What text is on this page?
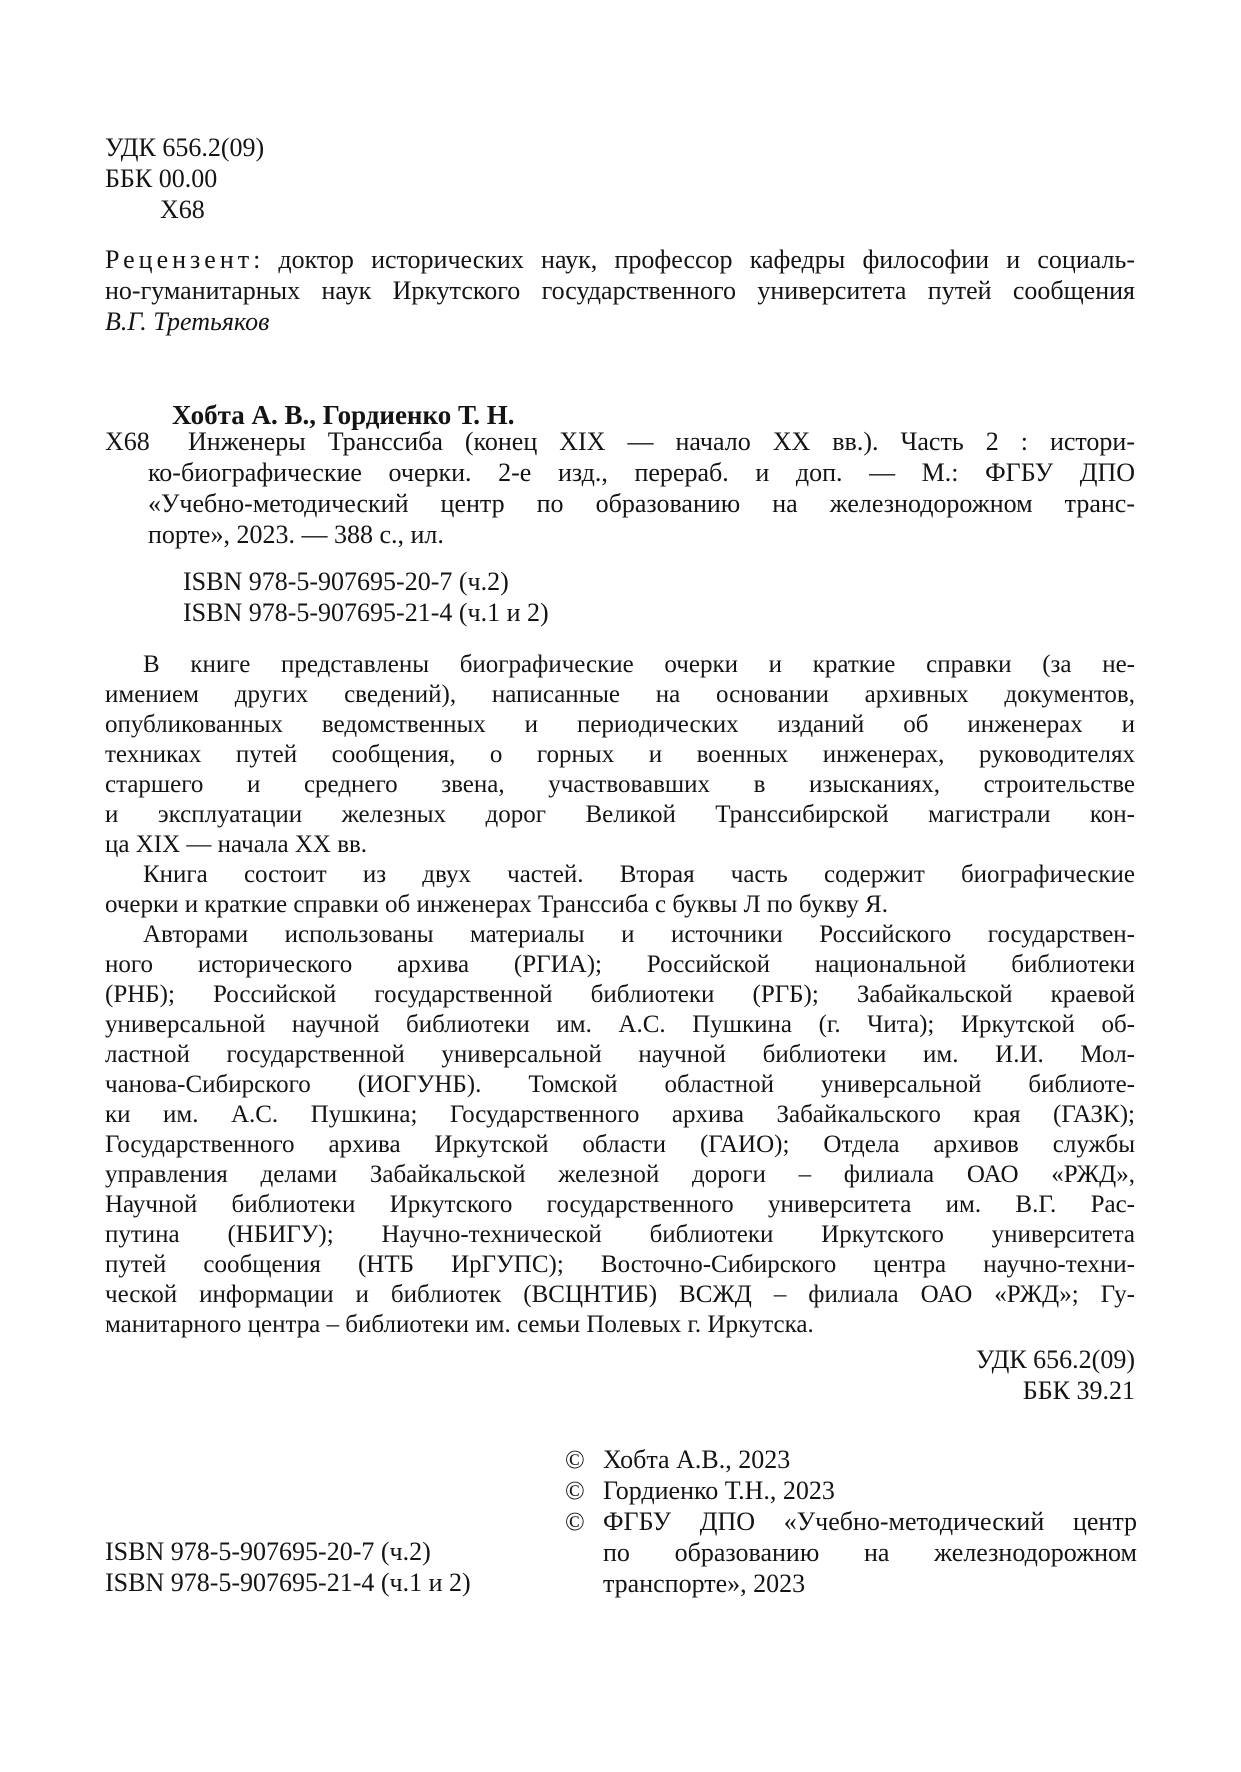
УДК 656.2(09)
ББК 00.00
Х68
Рецензент: доктор исторических наук, профессор кафедры философии и социаль-
но-гуманитарных наук Иркутского государственного университета путей сообщения
В.Г. Третьяков
Хобта А. В., Гордиенко Т. Н.
Х68	Инженеры Транссиба (конец XIX — начало XX вв.). Часть 2 : истори-
ко-биографические очерки. 2-е изд., перераб. и доп. — М.: ФГБУ ДПО
«Учебно-методический центр по образованию на железнодорожном транс-
порте», 2023. — 388 с., ил.
ISBN 978-5-907695-20-7 (ч.2)
ISBN 978-5-907695-21-4 (ч.1 и 2)
В книге представлены биографические очерки и краткие справки (за не-
имением других сведений), написанные на основании архивных документов,
опубликованных ведомственных и периодических изданий об инженерах и
техниках путей сообщения, о горных и военных инженерах, руководителях
старшего и среднего звена, участвовавших в изысканиях, строительстве
и эксплуатации железных дорог Великой Транссибирской магистрали кон-
ца XIX — начала XX вв.
Книга состоит из двух частей. Вторая часть содержит биографические
очерки и краткие справки об инженерах Транссиба с буквы Л по букву Я.
Авторами использованы материалы и источники Российского государствен-
ного исторического архива (РГИА); Российской национальной библиотеки
(РНБ); Российской государственной библиотеки (РГБ); Забайкальской краевой
универсальной научной библиотеки им. А.С. Пушкина (г. Чита); Иркутской об-
ластной государственной универсальной научной библиотеки им. И.И. Мол-
чанова-Сибирского (ИОГУНБ). Томской областной универсальной библиоте-
ки им. А.С. Пушкина; Государственного архива Забайкальского края (ГАЗК);
Государственного архива Иркутской области (ГАИО); Отдела архивов службы
управления делами Забайкальской железной дороги – филиала ОАО «РЖД»,
Научной библиотеки Иркутского государственного университета им. В.Г. Рас-
путина (НБИГУ); Научно-технической библиотеки Иркутского университета
путей сообщения (НТБ ИрГУПС); Восточно-Сибирского центра научно-техни-
ческой информации и библиотек (ВСЦНТИБ) ВСЖД – филиала ОАО «РЖД»; Гу-
манитарного центра – библиотеки им. семьи Полевых г. Иркутска.
УДК 656.2(09)
ББК 39.21
© Хобта А.В., 2023
© Гордиенко Т.Н., 2023
© ФГБУ ДПО «Учебно-методический центр
по образованию на железнодорожном
транспорте», 2023
ISBN 978-5-907695-20-7 (ч.2)
ISBN 978-5-907695-21-4 (ч.1 и 2)
